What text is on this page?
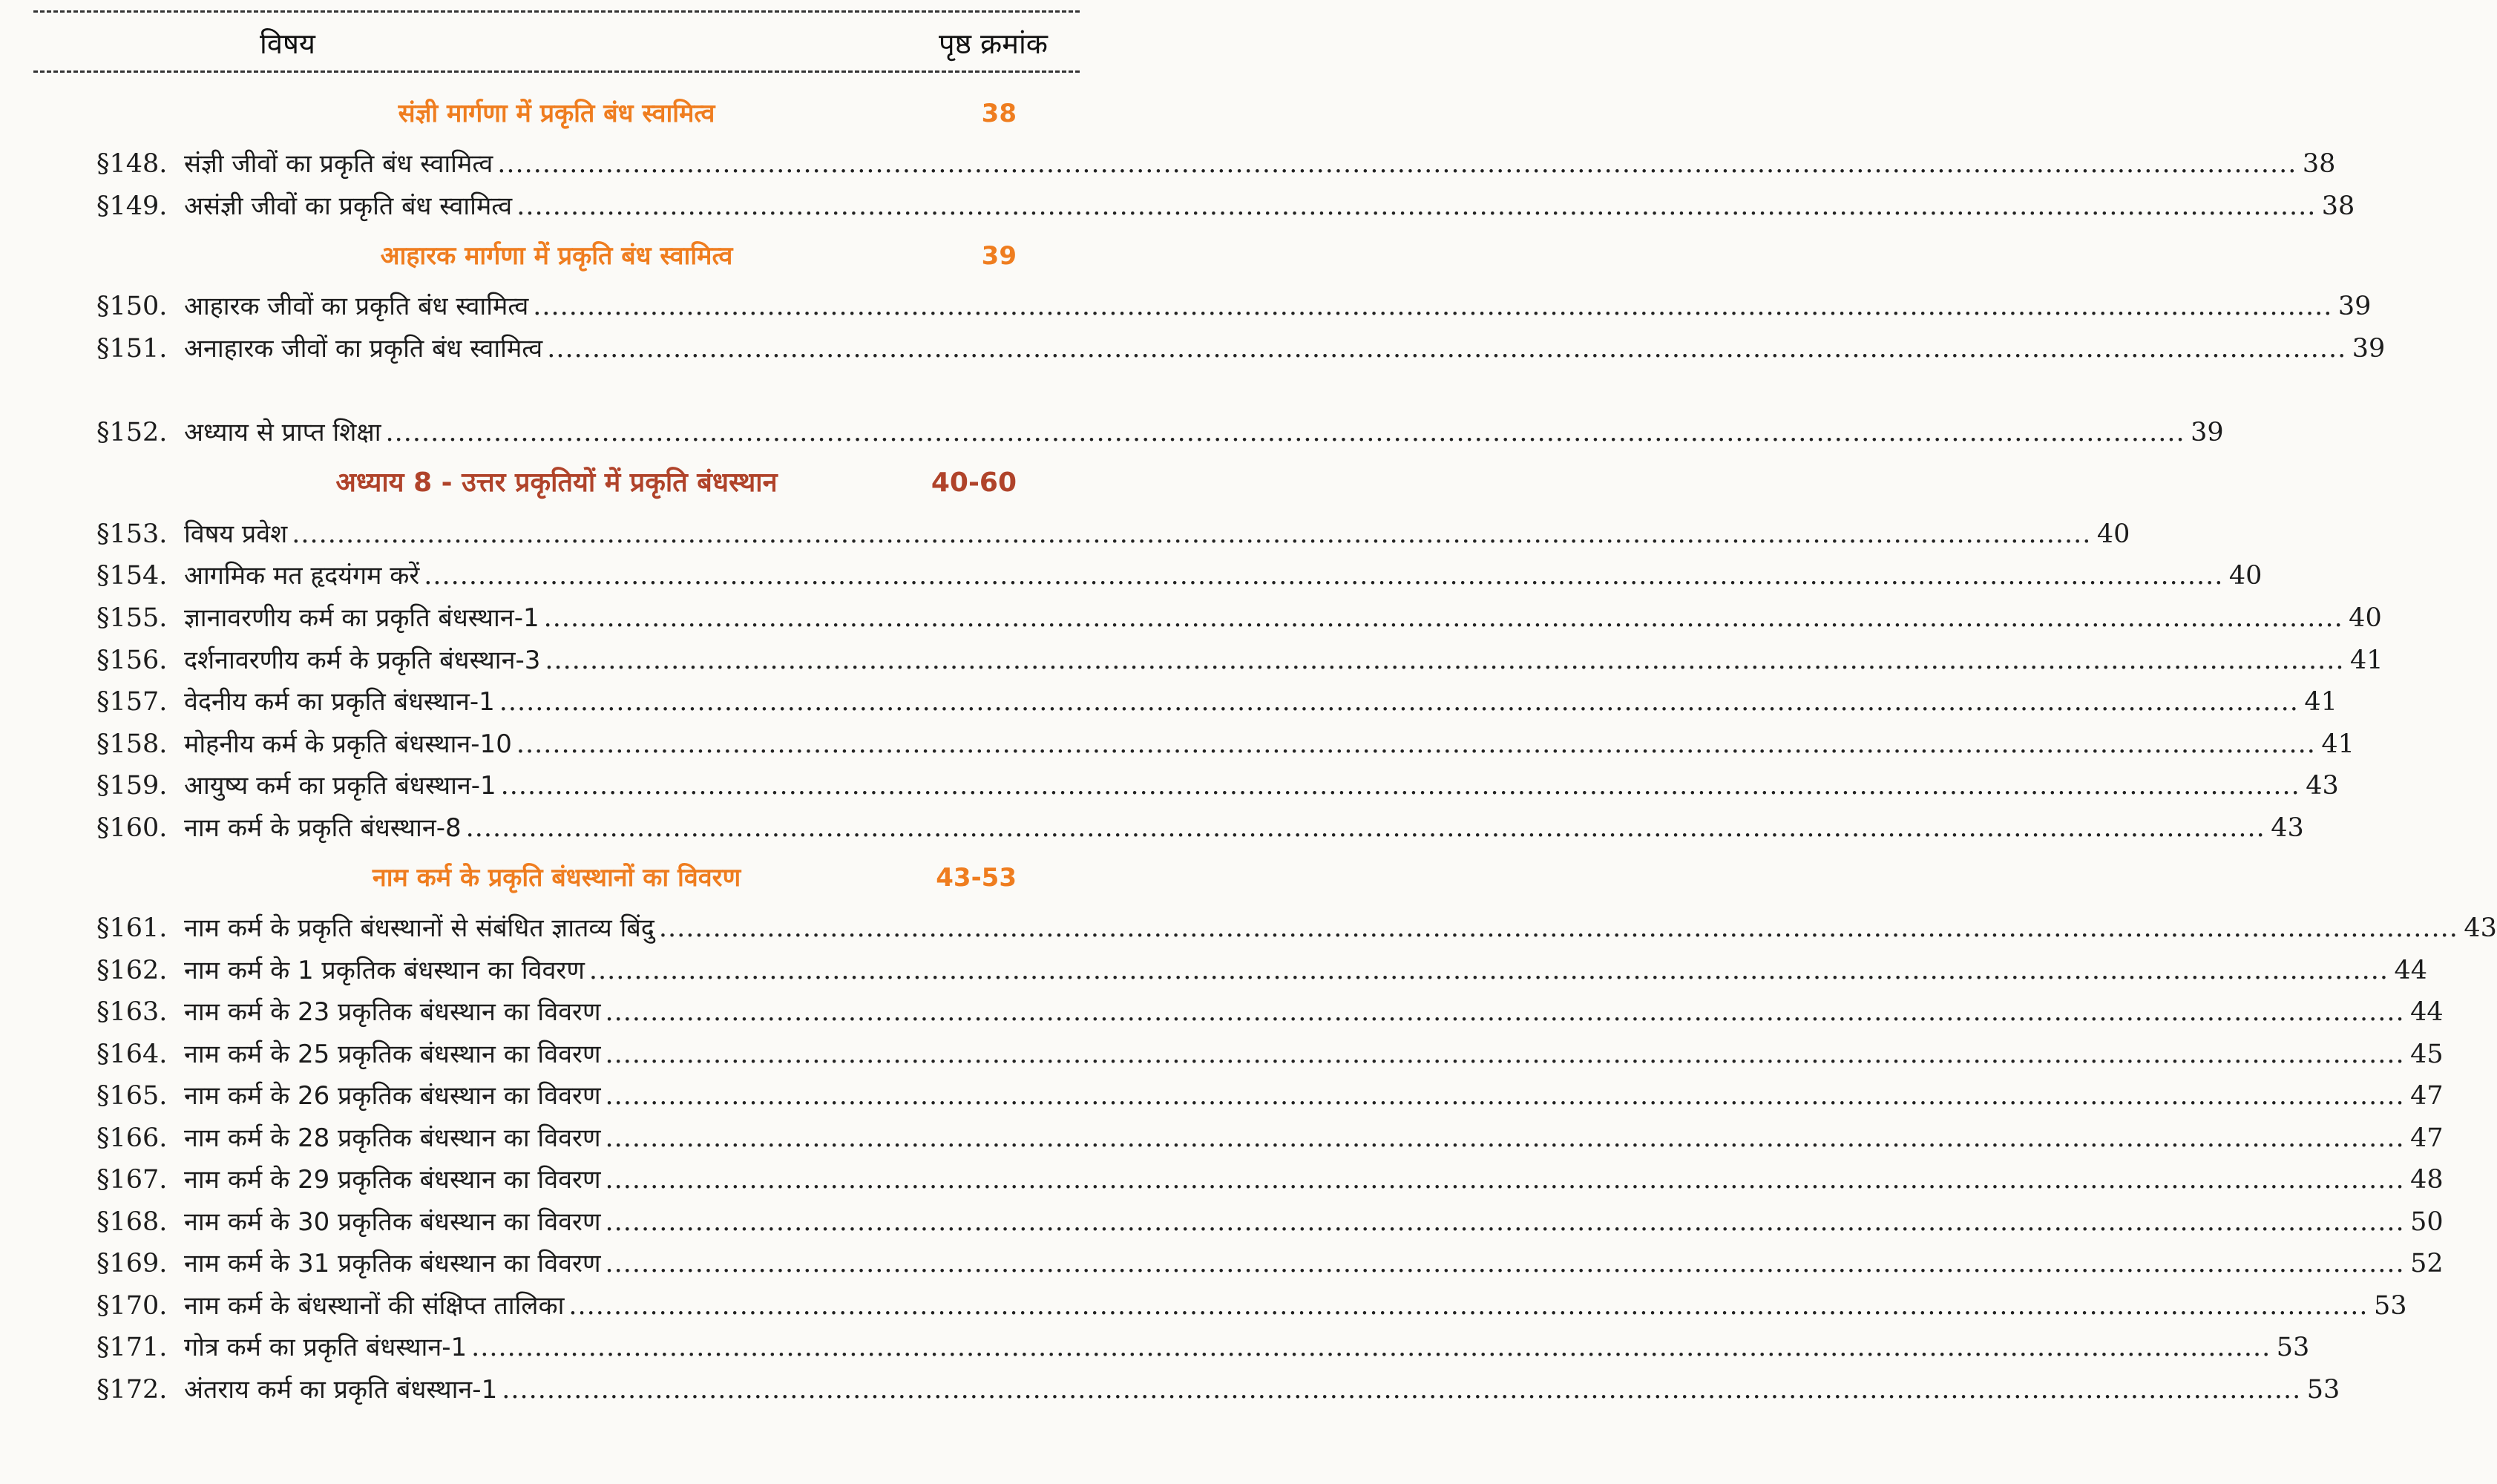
विषय	पृष्ठ क्रमांक
संज्ञी मार्गणा में प्रकृति बंध स्वामित्व	38
§148. संज्ञी जीवों का प्रकृति बंध स्वामित्व ........................................................................................................................................................................................................ 38
§149. असंज्ञी जीवों का प्रकृति बंध स्वामित्व ........................................................................................................................................................................................................ 38
आहारक मार्गणा में प्रकृति बंध स्वामित्व	39
§150. आहारक जीवों का प्रकृति बंध स्वामित्व ........................................................................................................................................................................................................ 39
§151. अनाहारक जीवों का प्रकृति बंध स्वामित्व ........................................................................................................................................................................................................ 39
§152. अध्याय से प्राप्त शिक्षा ........................................................................................................................................................................................................ 39
अध्याय 8 - उत्तर प्रकृतियों में प्रकृति बंधस्थान	40-60
§153. विषय प्रवेश ........................................................................................................................................................................................................ 40
§154. आगमिक मत हृदयंगम करें ........................................................................................................................................................................................................ 40
§155. ज्ञानावरणीय कर्म का प्रकृति बंधस्थान-1 ........................................................................................................................................................................................................ 40
§156. दर्शनावरणीय कर्म के प्रकृति बंधस्थान-3 ........................................................................................................................................................................................................ 41
§157. वेदनीय कर्म का प्रकृति बंधस्थान-1 ........................................................................................................................................................................................................ 41
§158. मोहनीय कर्म के प्रकृति बंधस्थान-10 ........................................................................................................................................................................................................ 41
§159. आयुष्य कर्म का प्रकृति बंधस्थान-1 ........................................................................................................................................................................................................ 43
§160. नाम कर्म के प्रकृति बंधस्थान-8 ........................................................................................................................................................................................................ 43
नाम कर्म के प्रकृति बंधस्थानों का विवरण	43-53
§161. नाम कर्म के प्रकृति बंधस्थानों से संबंधित ज्ञातव्य बिंदु ........................................................................................................................................................................................................ 43
§162. नाम कर्म के 1 प्रकृतिक बंधस्थान का विवरण ........................................................................................................................................................................................................ 44
§163. नाम कर्म के 23 प्रकृतिक बंधस्थान का विवरण ........................................................................................................................................................................................................ 44
§164. नाम कर्म के 25 प्रकृतिक बंधस्थान का विवरण ........................................................................................................................................................................................................ 45
§165. नाम कर्म के 26 प्रकृतिक बंधस्थान का विवरण ........................................................................................................................................................................................................ 47
§166. नाम कर्म के 28 प्रकृतिक बंधस्थान का विवरण ........................................................................................................................................................................................................ 47
§167. नाम कर्म के 29 प्रकृतिक बंधस्थान का विवरण ........................................................................................................................................................................................................ 48
§168. नाम कर्म के 30 प्रकृतिक बंधस्थान का विवरण ........................................................................................................................................................................................................ 50
§169. नाम कर्म के 31 प्रकृतिक बंधस्थान का विवरण ........................................................................................................................................................................................................ 52
§170. नाम कर्म के बंधस्थानों की संक्षिप्त तालिका ........................................................................................................................................................................................................ 53
§171. गोत्र कर्म का प्रकृति बंधस्थान-1 ........................................................................................................................................................................................................ 53
§172. अंतराय कर्म का प्रकृति बंधस्थान-1 ........................................................................................................................................................................................................ 53
